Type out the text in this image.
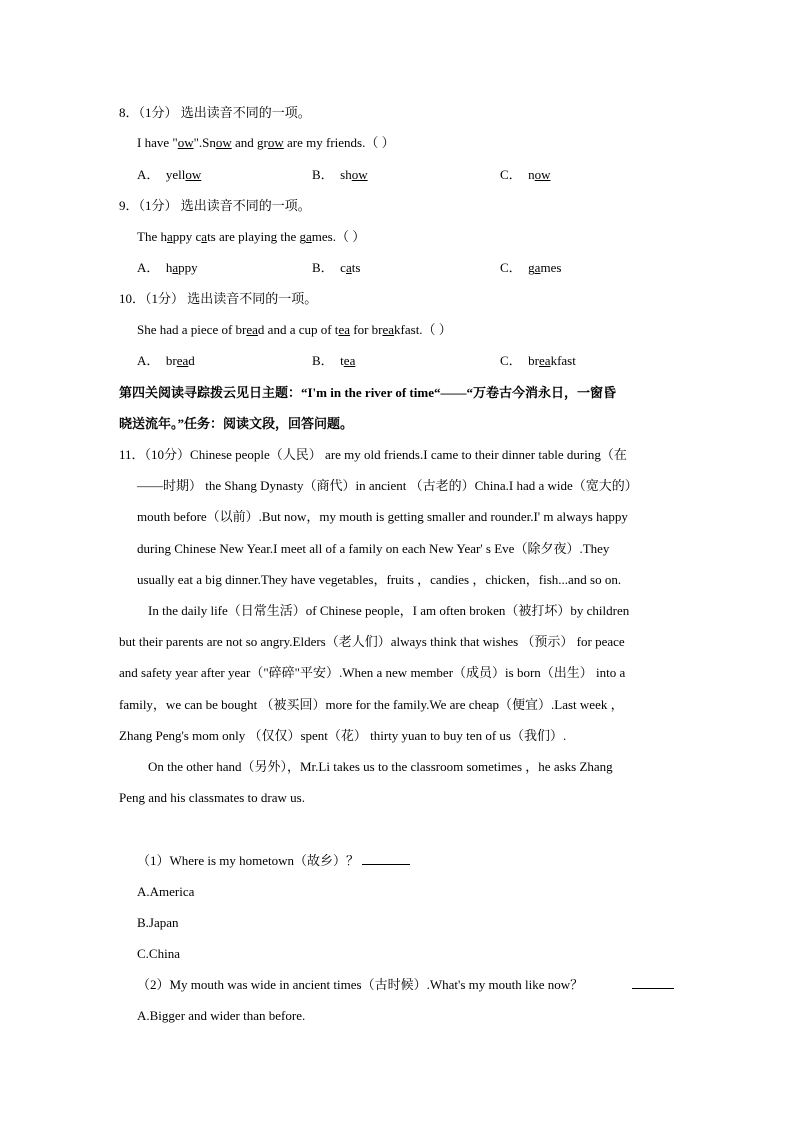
8．（1分） 选出读音不同的一项。
I have "ow".Snow and grow are my friends.（ ）
A． yellow	B． show	C． now
9．（1分） 选出读音不同的一项。
The happy cats are playing the games.（ ）
A． happy	B． cats	C． games
10．（1分） 选出读音不同的一项。
She had a piece of bread and a cup of tea for breakfast.（ ）
A． bread	B． tea	C． breakfast
第四关阅读寻踪拨云见日主题：“I'm in the river of time“——“万卷古今消永日，一窗昏
晓送流年。”任务：阅读文段，回答问题。
11．（10分）Chinese people（人民） are my old friends.I came to their dinner table during（在
——时期） the Shang Dynasty（商代）in ancient （古老的）China.I had a wide（宽大的）
mouth before（以前）.But now，my mouth is getting smaller and rounder.I' m always happy
during Chinese New Year.I meet all of a family on each New Year' s Eve（除夕夜）.They
usually eat a big dinner.They have vegetables，fruits ，candies ，chicken，fish...and so on.
In the daily life（日常生活）of Chinese people，I am often broken（被打坏）by children
but their parents are not so angry.Elders（老人们）always think that wishes （预示） for peace
and safety year after year（"碎碎"平安）.When a new member（成员）is born（出生） into a
family，we can be bought （被买回）more for the family.We are cheap（便宜）.Last week ，
Zhang Peng's mom only （仅仅）spent（花） thirty yuan to buy ten of us（我们）.
On the other hand（另外），Mr.Li takes us to the classroom sometimes ，he asks Zhang
Peng and his classmates to draw us.
（1）Where is my hometown（故乡）？
A.America
B.Japan
C.China
（2）My mouth was wide in ancient times（古时候）.What's my mouth like now？
A.Bigger and wider than before.
